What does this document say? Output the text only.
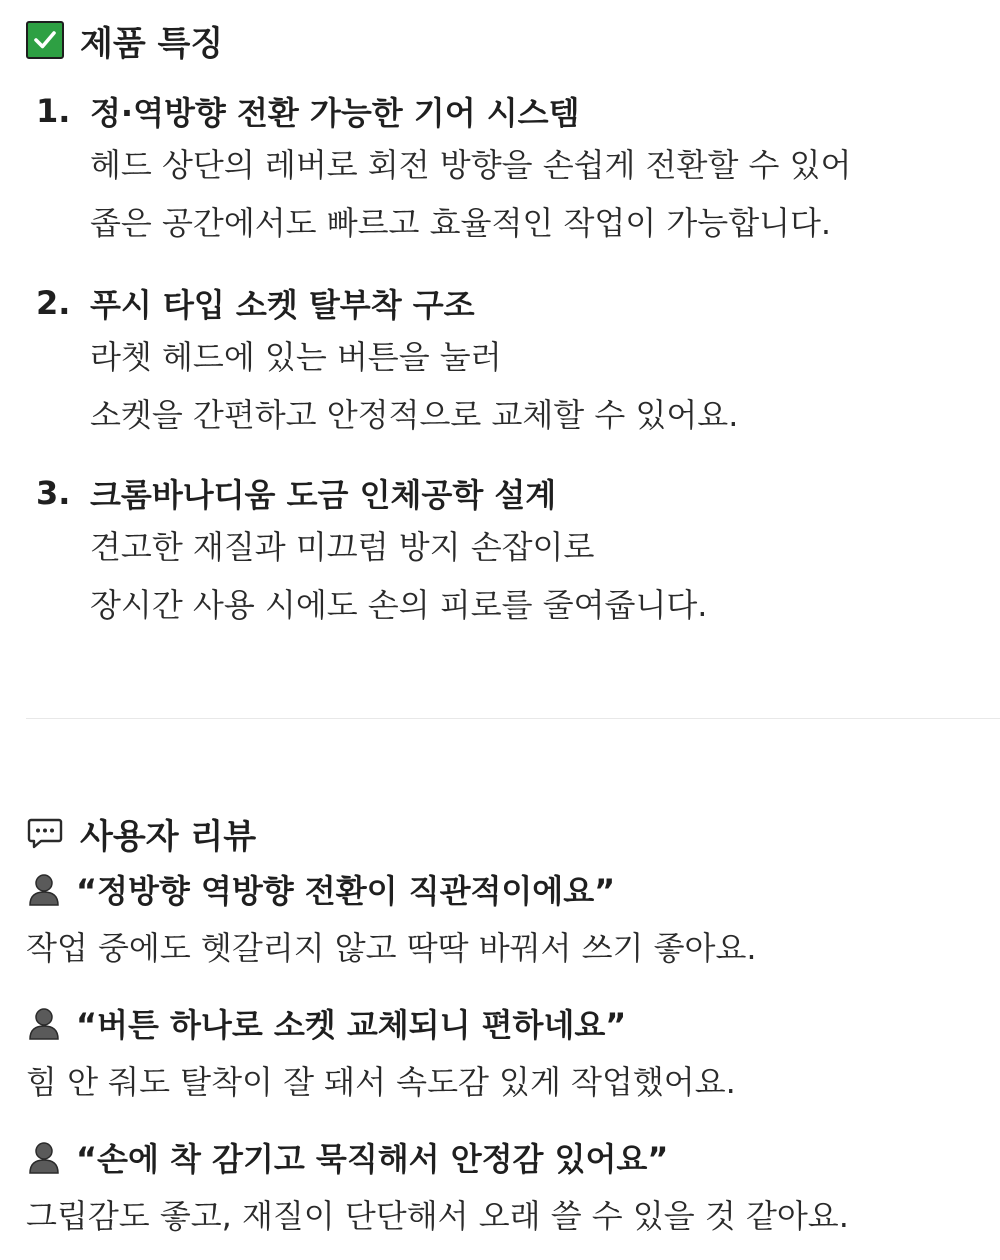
제품 특징
1. 정·역방향 전환 가능한 기어 시스템
헤드 상단의 레버로 회전 방향을 손쉽게 전환할 수 있어
좁은 공간에서도 빠르고 효율적인 작업이 가능합니다.
2. 푸시 타입 소켓 탈부착 구조
라쳇 헤드에 있는 버튼을 눌러
소켓을 간편하고 안정적으로 교체할 수 있어요.
3. 크롬바나디움 도금 인체공학 설계
견고한 재질과 미끄럼 방지 손잡이로
장시간 사용 시에도 손의 피로를 줄여줍니다.
사용자 리뷰
“정방향 역방향 전환이 직관적이에요”
작업 중에도 헷갈리지 않고 딱딱 바꿔서 쓰기 좋아요.
“버튼 하나로 소켓 교체되니 편하네요”
힘 안 줘도 탈착이 잘 돼서 속도감 있게 작업했어요.
“손에 착 감기고 묵직해서 안정감 있어요”
그립감도 좋고, 재질이 단단해서 오래 쓸 수 있을 것 같아요.
